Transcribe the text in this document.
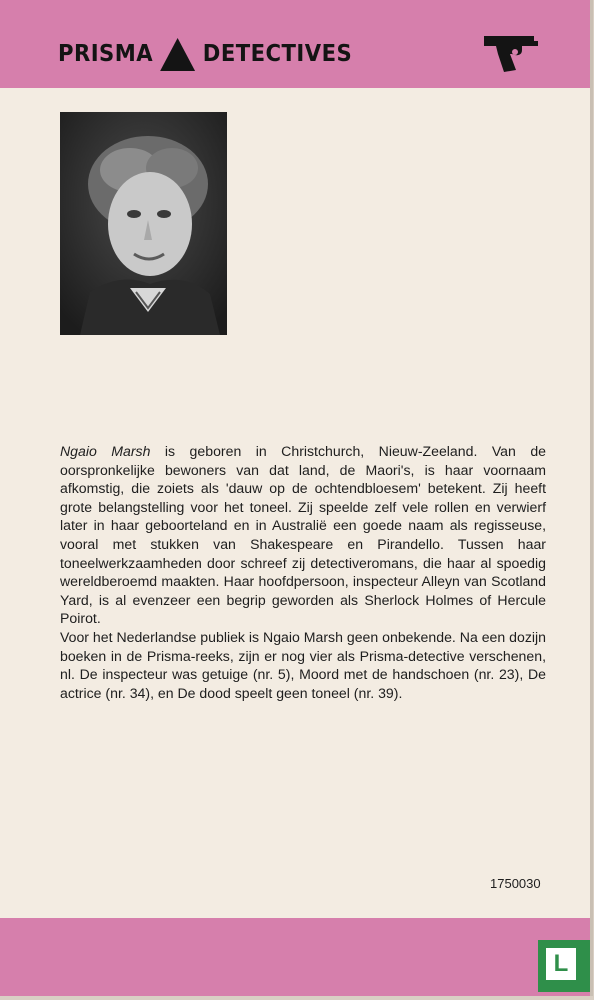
PRISMA DETECTIVES

Ngaio Marsh is geboren in Christchurch, Nieuw-Zeeland. Van de oorspronkelijke bewoners van dat land, de Maori's, is haar voornaam afkomstig, die zoiets als 'dauw op de ochtendbloesem' betekent. Zij heeft grote belangstelling voor het toneel. Zij speelde zelf vele rollen en verwierf later in haar geboorteland en in Australië een goede naam als regisseuse, vooral met stukken van Shakespeare en Pirandello. Tussen haar toneelwerkzaamheden door schreef zij detectiveromans, die haar al spoedig wereldberoemd maakten. Haar hoofdpersoon, inspecteur Alleyn van Scotland Yard, is al evenzeer een begrip geworden als Sherlock Holmes of Hercule Poirot.

Voor het Nederlandse publiek is Ngaio Marsh geen onbekende. Na een dozijn boeken in de Prisma-reeks, zijn er nog vier als Prisma-detective verschenen, nl. De inspecteur was getuige (nr. 5), Moord met de handschoen (nr. 23), De actrice (nr. 34), en De dood speelt geen toneel (nr. 39).

1750030
L
